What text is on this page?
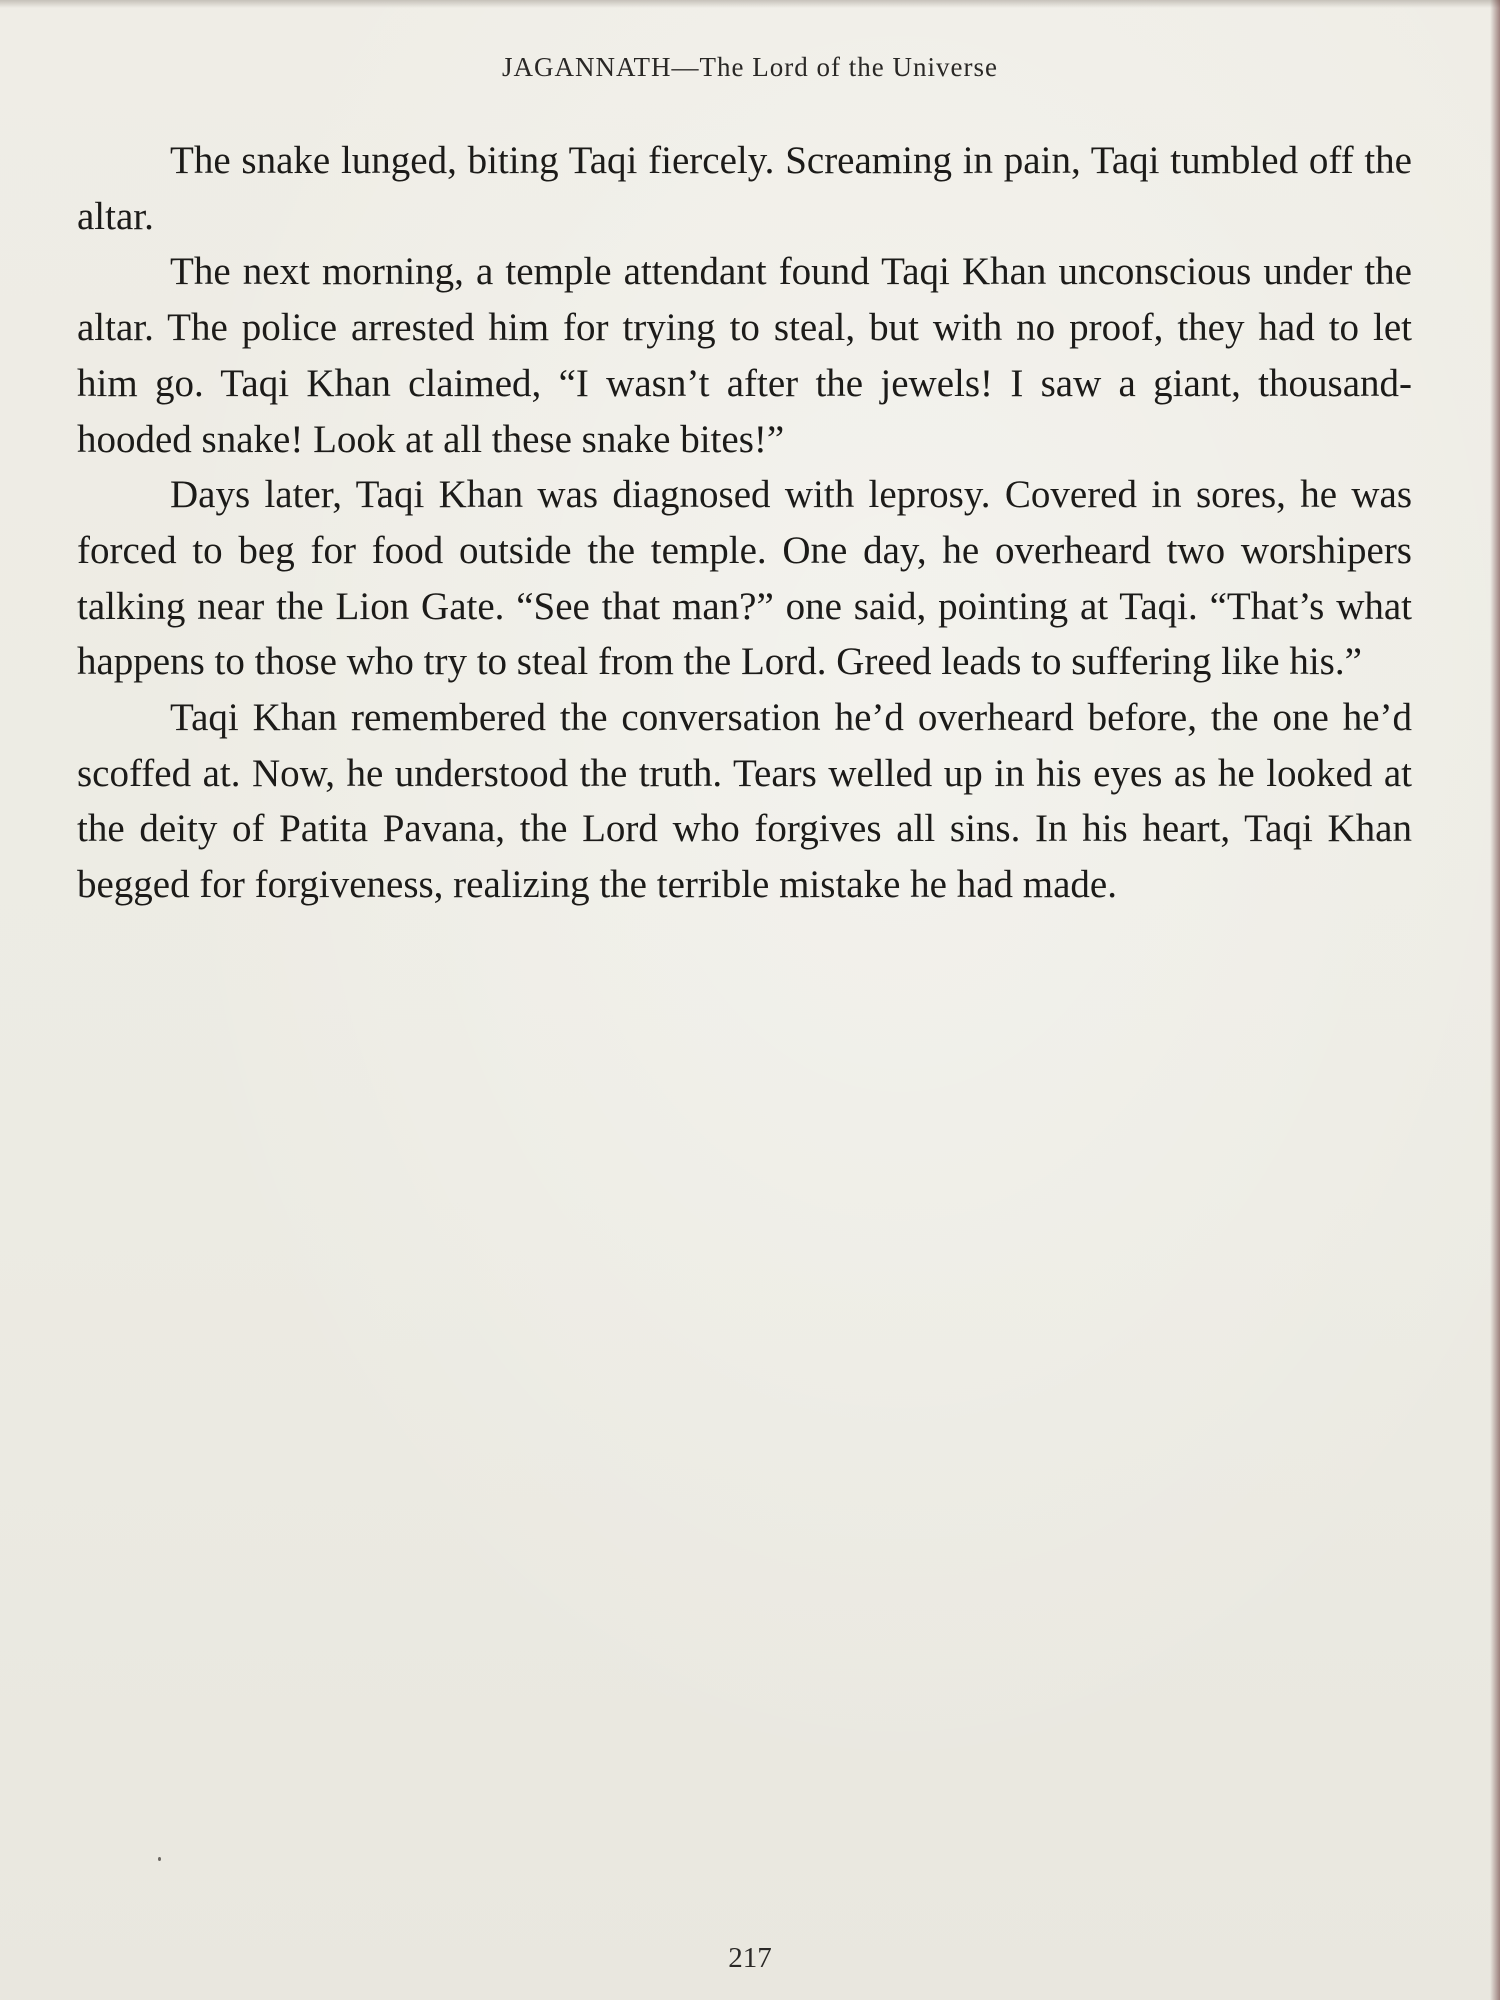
JAGANNATH—The Lord of the Universe

The snake lunged, biting Taqi fiercely. Screaming in pain, Taqi tumbled off the altar.

The next morning, a temple attendant found Taqi Khan unconscious under the altar. The police arrested him for trying to steal, but with no proof, they had to let him go. Taqi Khan claimed, “I wasn’t after the jewels! I saw a giant, thousand-hooded snake! Look at all these snake bites!”

Days later, Taqi Khan was diagnosed with leprosy. Covered in sores, he was forced to beg for food outside the temple. One day, he overheard two worshipers talking near the Lion Gate. “See that man?” one said, pointing at Taqi. “That’s what happens to those who try to steal from the Lord. Greed leads to suffering like his.”

Taqi Khan remembered the conversation he’d overheard before, the one he’d scoffed at. Now, he understood the truth. Tears welled up in his eyes as he looked at the deity of Patita Pavana, the Lord who forgives all sins. In his heart, Taqi Khan begged for forgiveness, realizing the terrible mistake he had made.

217
